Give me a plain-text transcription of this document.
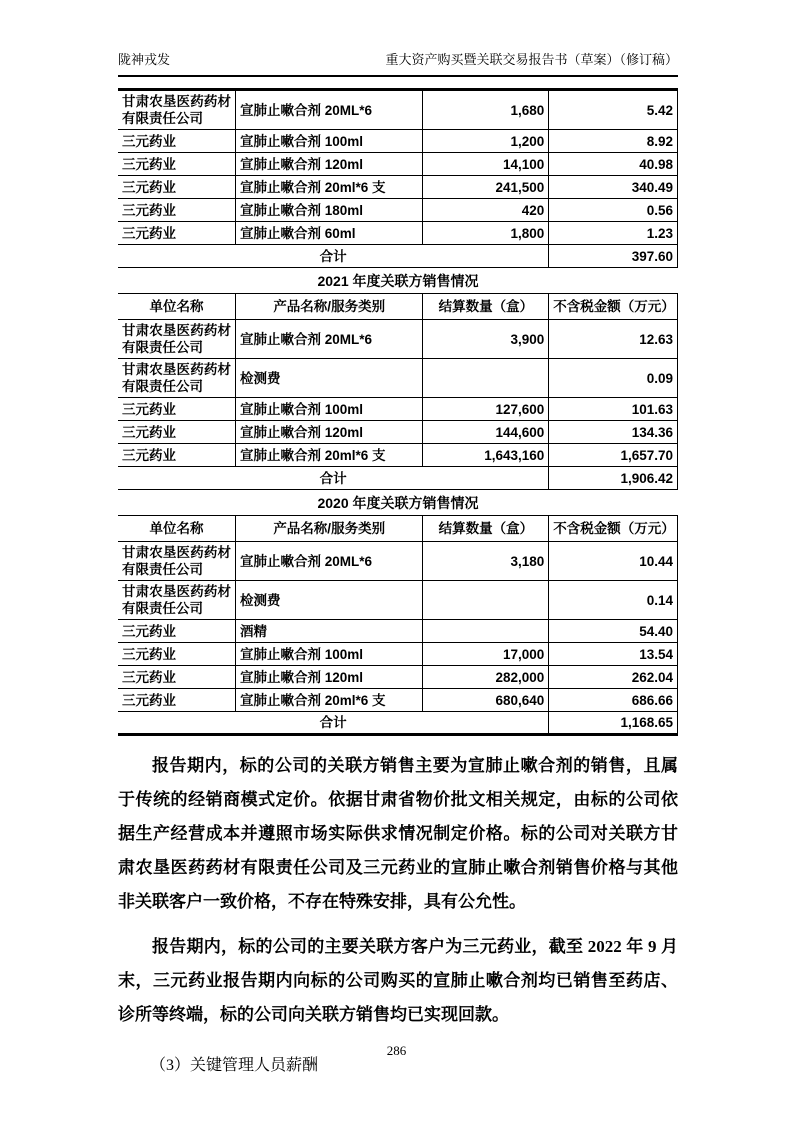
陇神戎发	重大资产购买暨关联交易报告书（草案）（修订稿）
甘肃农垦医药药材有限责任公司	宣肺止嗽合剂 20ML*6	1,680	5.42
三元药业	宣肺止嗽合剂 100ml	1,200	8.92
三元药业	宣肺止嗽合剂 120ml	14,100	40.98
三元药业	宣肺止嗽合剂 20ml*6 支	241,500	340.49
三元药业	宣肺止嗽合剂 180ml	420	0.56
三元药业	宣肺止嗽合剂 60ml	1,800	1.23
合计			397.60
2021 年度关联方销售情况
单位名称	产品名称/服务类别	结算数量（盒）	不含税金额（万元）
甘肃农垦医药药材有限责任公司	宣肺止嗽合剂 20ML*6	3,900	12.63
甘肃农垦医药药材有限责任公司	检测费		0.09
三元药业	宣肺止嗽合剂 100ml	127,600	101.63
三元药业	宣肺止嗽合剂 120ml	144,600	134.36
三元药业	宣肺止嗽合剂 20ml*6 支	1,643,160	1,657.70
合计			1,906.42
2020 年度关联方销售情况
单位名称	产品名称/服务类别	结算数量（盒）	不含税金额（万元）
甘肃农垦医药药材有限责任公司	宣肺止嗽合剂 20ML*6	3,180	10.44
甘肃农垦医药药材有限责任公司	检测费		0.14
三元药业	酒精		54.40
三元药业	宣肺止嗽合剂 100ml	17,000	13.54
三元药业	宣肺止嗽合剂 120ml	282,000	262.04
三元药业	宣肺止嗽合剂 20ml*6 支	680,640	686.66
合计			1,168.65

报告期内，标的公司的关联方销售主要为宣肺止嗽合剂的销售，且属于传统的经销商模式定价。依据甘肃省物价批文相关规定，由标的公司依据生产经营成本并遵照市场实际供求情况制定价格。标的公司对关联方甘肃农垦医药药材有限责任公司及三元药业的宣肺止嗽合剂销售价格与其他非关联客户一致价格，不存在特殊安排，具有公允性。

报告期内，标的公司的主要关联方客户为三元药业，截至 2022 年 9 月末，三元药业报告期内向标的公司购买的宣肺止嗽合剂均已销售至药店、诊所等终端，标的公司向关联方销售均已实现回款。

（3）关键管理人员薪酬

286
